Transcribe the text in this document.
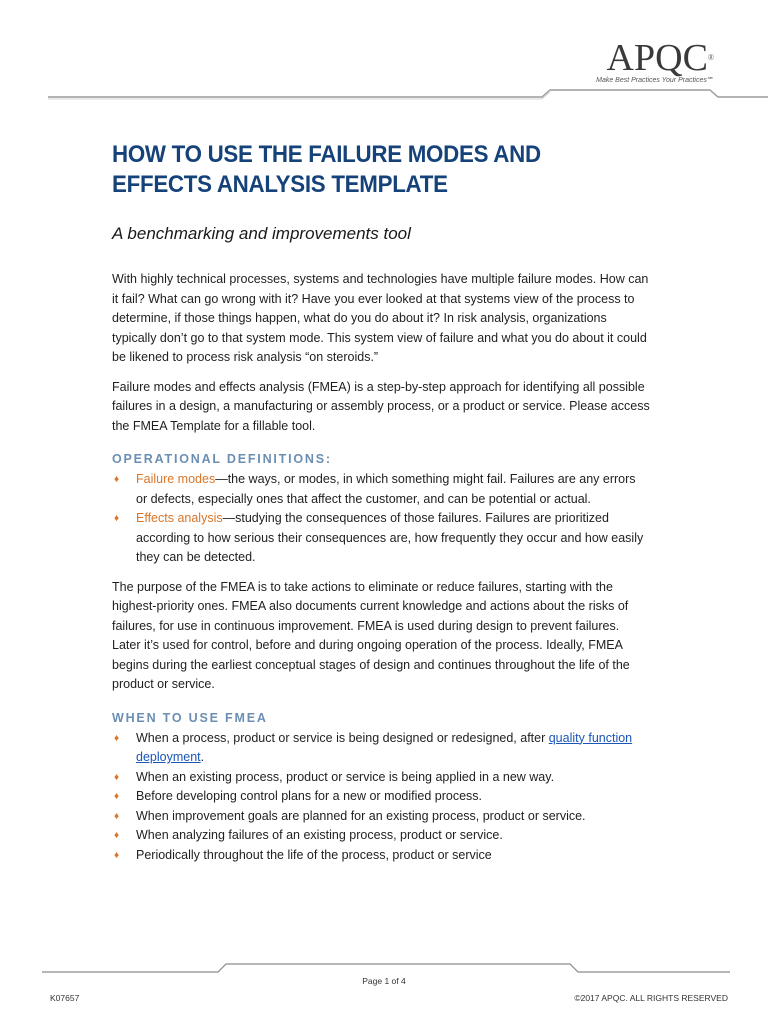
APQC®
Make Best Practices Your Practices℠
HOW TO USE THE FAILURE MODES AND EFFECTS ANALYSIS TEMPLATE
A benchmarking and improvements tool

With highly technical processes, systems and technologies have multiple failure modes. How can it fail? What can go wrong with it? Have you ever looked at that systems view of the process to determine, if those things happen, what do you do about it? In risk analysis, organizations typically don’t go to that system mode. This system view of failure and what you do about it could be likened to process risk analysis “on steroids.”

Failure modes and effects analysis (FMEA) is a step-by-step approach for identifying all possible failures in a design, a manufacturing or assembly process, or a product or service. Please access the FMEA Template for a fillable tool.

OPERATIONAL DEFINITIONS:
♦ Failure modes—the ways, or modes, in which something might fail. Failures are any errors or defects, especially ones that affect the customer, and can be potential or actual.
♦ Effects analysis—studying the consequences of those failures. Failures are prioritized according to how serious their consequences are, how frequently they occur and how easily they can be detected.

The purpose of the FMEA is to take actions to eliminate or reduce failures, starting with the highest-priority ones. FMEA also documents current knowledge and actions about the risks of failures, for use in continuous improvement. FMEA is used during design to prevent failures. Later it’s used for control, before and during ongoing operation of the process. Ideally, FMEA begins during the earliest conceptual stages of design and continues throughout the life of the product or service.

WHEN TO USE FMEA
♦ When a process, product or service is being designed or redesigned, after quality function deployment.
♦ When an existing process, product or service is being applied in a new way.
♦ Before developing control plans for a new or modified process.
♦ When improvement goals are planned for an existing process, product or service.
♦ When analyzing failures of an existing process, product or service.
♦ Periodically throughout the life of the process, product or service
Page 1 of 4
K07657	©2017 APQC. ALL RIGHTS RESERVED
